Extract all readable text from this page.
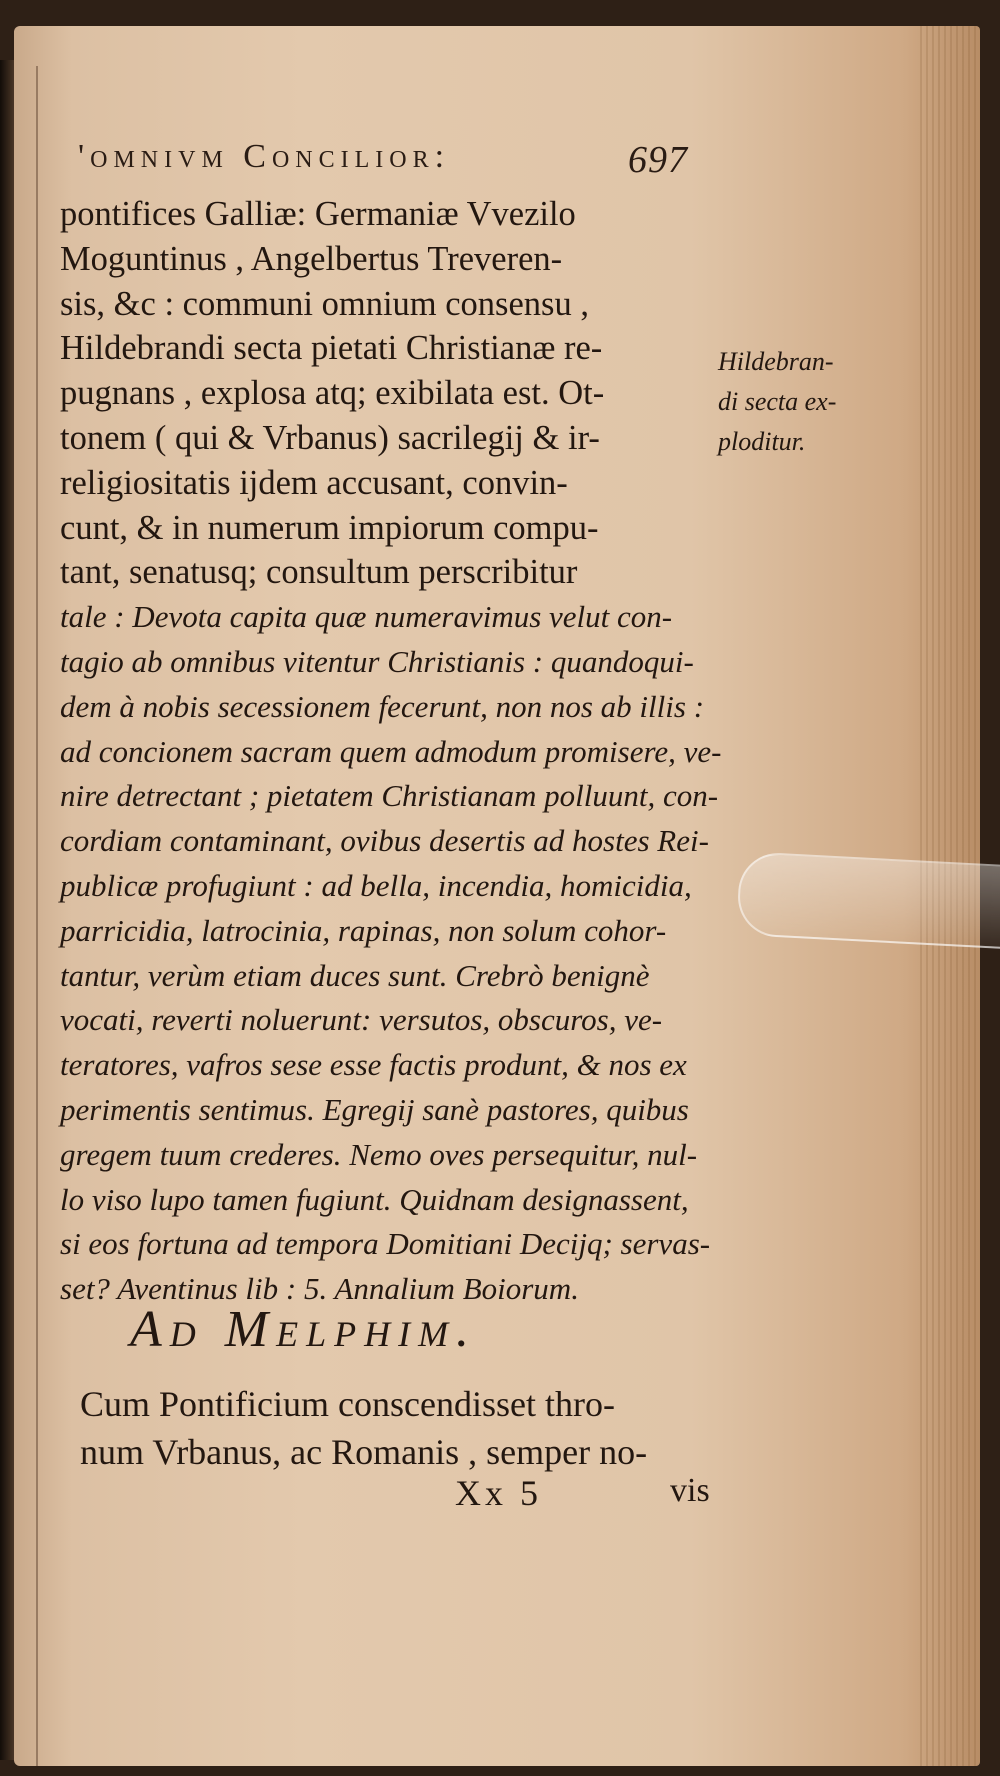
'omnivm Concilior:	697
pontifices Galliæ: Germaniæ Vvezilo
Moguntinus , Angelbertus Treveren-
sis, &c : communi omnium consensu ,
Hildebrandi secta pietati Christianæ re-
pugnans , explosa atq; exibilata est. Ot-
tonem ( qui & Vrbanus) sacrilegij & ir-
religiositatis ijdem accusant, convin-
cunt, & in numerum impiorum compu-
tant, senatusq; consultum perscribitur
tale : Devota capita quæ numeravimus velut con-
tagio ab omnibus vitentur Christianis : quandoqui-
dem à nobis secessionem fecerunt, non nos ab illis :
ad concionem sacram quem admodum promisere, ve-
nire detrectant ; pietatem Christianam polluunt, con-
cordiam contaminant, ovibus desertis ad hostes Rei-
publicæ profugiunt : ad bella, incendia, homicidia,
parricidia, latrocinia, rapinas, non solum cohor-
tantur, verùm etiam duces sunt. Crebrò benignè
vocati, reverti noluerunt: versutos, obscuros, ve-
teratores, vafros sese esse factis produnt, & nos ex
perimentis sentimus. Egregij sanè pastores, quibus
gregem tuum crederes. Nemo oves persequitur, nul-
lo viso lupo tamen fugiunt. Quidnam designassent,
si eos fortuna ad tempora Domitiani Decijq; servas-
set? Aventinus lib : 5. Annalium Boiorum.
Hildebran-
di secta ex-
ploditur.
Ad Melphim.
Cum Pontificium conscendisset thro-
num Vrbanus, ac Romanis , semper no-
Xx 5	vis
